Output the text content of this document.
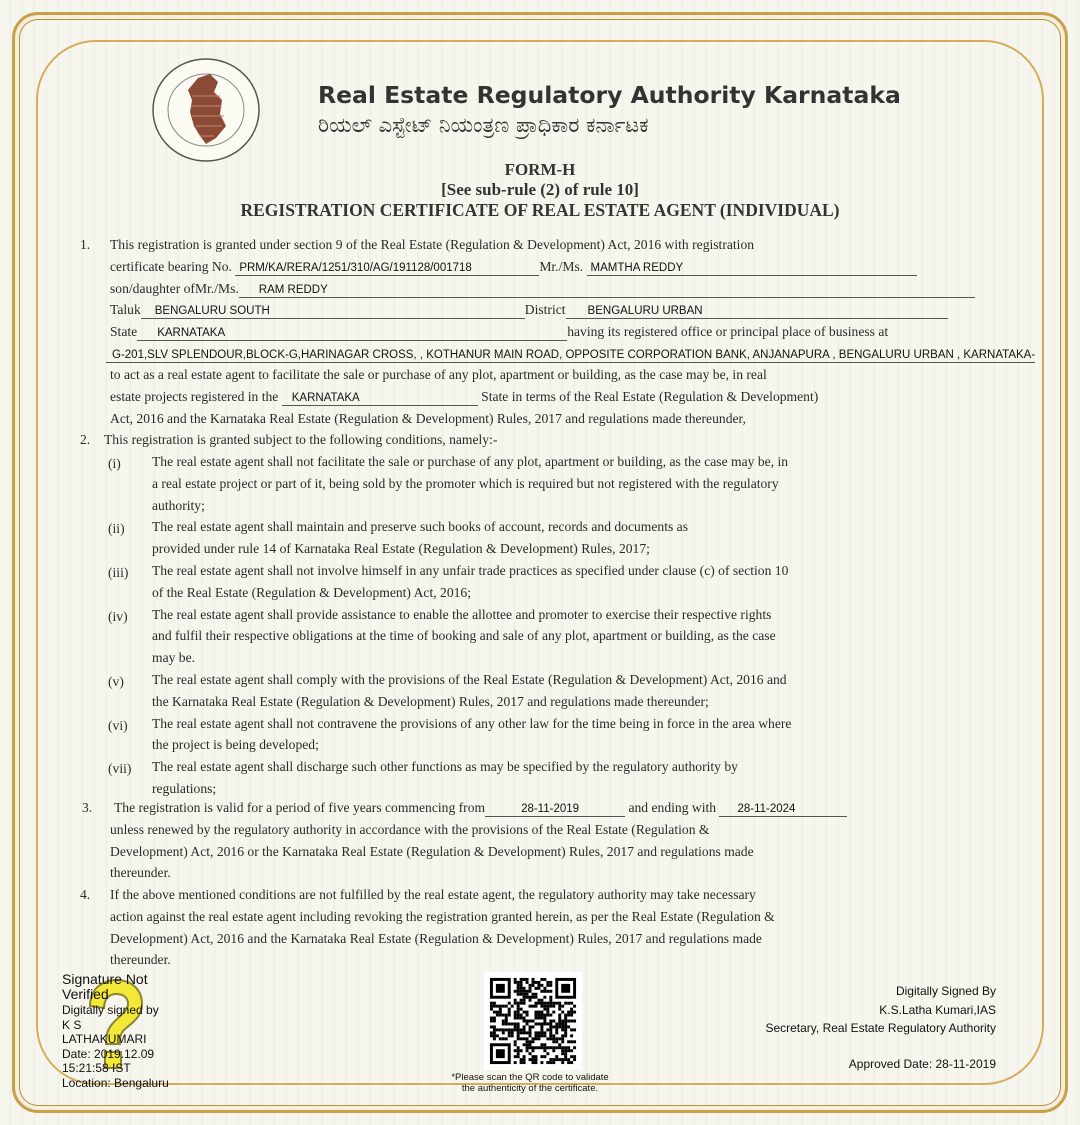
Real Estate Regulatory Authority Karnataka
ರಿಯಲ್ ಎಸ್ಟೇಟ್ ನಿಯಂತ್ರಣ ಪ್ರಾಧಿಕಾರ ಕರ್ನಾಟಕ
FORM-H
[See sub-rule (2) of rule 10]
REGISTRATION CERTIFICATE OF REAL ESTATE AGENT (INDIVIDUAL)
1. This registration is granted under section 9 of the Real Estate (Regulation & Development) Act, 2016 with registration
certificate bearing No. PRM/KA/RERA/1251/310/AG/191128/001718	Mr./Ms. MAMTHA REDDY
son/daughter ofMr./Ms. RAM REDDY
Taluk BENGALURU SOUTH	District BENGALURU URBAN
State KARNATAKA	having its registered office or principal place of business at
G-201,SLV SPLENDOUR,BLOCK-G,HARINAGAR CROSS, , KOTHANUR MAIN ROAD, OPPOSITE CORPORATION BANK, ANJANAPURA , BENGALURU URBAN , KARNATAKA-
to act as a real estate agent to facilitate the sale or purchase of any plot, apartment or building, as the case may be, in real
estate projects registered in the KARNATAKA	State in terms of the Real Estate (Regulation & Development)
Act, 2016 and the Karnataka Real Estate (Regulation & Development) Rules, 2017 and regulations made thereunder,
2. This registration is granted subject to the following conditions, namely:-
(i) The real estate agent shall not facilitate the sale or purchase of any plot, apartment or building, as the case may be, in
a real estate project or part of it, being sold by the promoter which is required but not registered with the regulatory
authority;
(ii) The real estate agent shall maintain and preserve such books of account, records and documents as
provided under rule 14 of Karnataka Real Estate (Regulation & Development) Rules, 2017;
(iii) The real estate agent shall not involve himself in any unfair trade practices as specified under clause (c) of section 10
of the Real Estate (Regulation & Development) Act, 2016;
(iv) The real estate agent shall provide assistance to enable the allottee and promoter to exercise their respective rights
and fulfil their respective obligations at the time of booking and sale of any plot, apartment or building, as the case
may be.
(v) The real estate agent shall comply with the provisions of the Real Estate (Regulation & Development) Act, 2016 and
the Karnataka Real Estate (Regulation & Development) Rules, 2017 and regulations made thereunder;
(vi) The real estate agent shall not contravene the provisions of any other law for the time being in force in the area where
the project is being developed;
(vii) The real estate agent shall discharge such other functions as may be specified by the regulatory authority by
regulations;
3. The registration is valid for a period of five years commencing from	28-11-2019	and ending with 28-11-2024
unless renewed by the regulatory authority in accordance with the provisions of the Real Estate (Regulation &
Development) Act, 2016 or the Karnataka Real Estate (Regulation & Development) Rules, 2017 and regulations made
thereunder.
4. If the above mentioned conditions are not fulfilled by the real estate agent, the regulatory authority may take necessary
action against the real estate agent including revoking the registration granted herein, as per the Real Estate (Regulation &
Development) Act, 2016 and the Karnataka Real Estate (Regulation & Development) Rules, 2017 and regulations made
thereunder.
Signature Not
Verified
Digitally signed by
K S
LATHAKUMARI
Date: 2019.12.09
15:21:58 IST
Location: Bengaluru	*Please scan the QR code to validate
the authenticity of the certificate.
Digitally Signed By
K.S.Latha Kumari,IAS
Secretary, Real Estate Regulatory Authority
Approved Date: 28-11-2019
